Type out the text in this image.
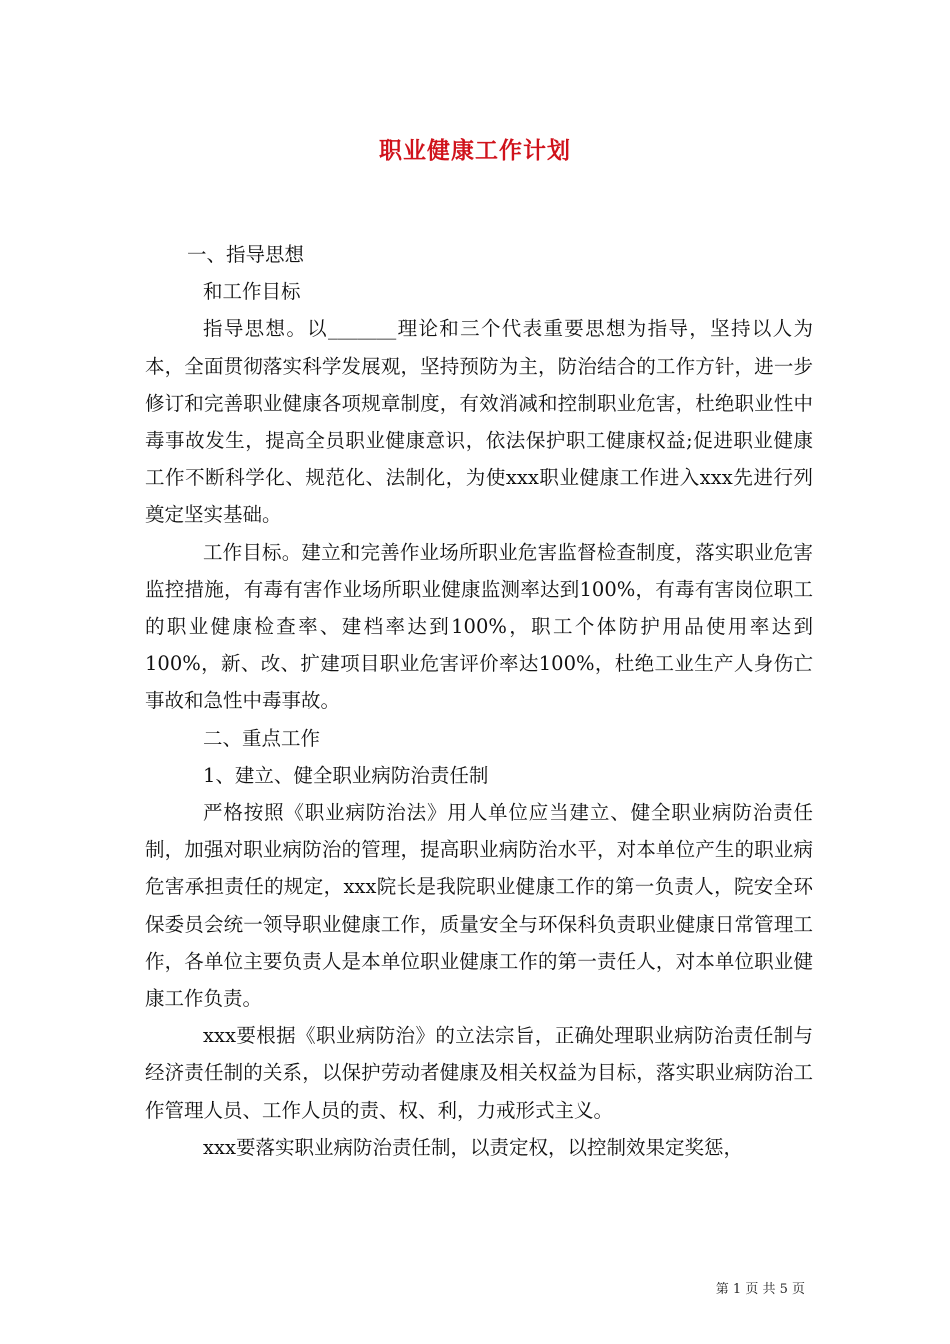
职业健康工作计划

一、指导思想

和工作目标

指导思想。以_______理论和三个代表重要思想为指导，坚持以人为本，全面贯彻落实科学发展观，坚持预防为主，防治结合的工作方针，进一步修订和完善职业健康各项规章制度，有效消减和控制职业危害，杜绝职业性中毒事故发生，提高全员职业健康意识，依法保护职工健康权益;促进职业健康工作不断科学化、规范化、法制化，为使xxx职业健康工作进入xxx先进行列奠定坚实基础。

工作目标。建立和完善作业场所职业危害监督检查制度，落实职业危害监控措施，有毒有害作业场所职业健康监测率达到100%，有毒有害岗位职工的职业健康检查率、建档率达到100%，职工个体防护用品使用率达到100%，新、改、扩建项目职业危害评价率达100%，杜绝工业生产人身伤亡事故和急性中毒事故。

二、重点工作

1、建立、健全职业病防治责任制

严格按照《职业病防治法》用人单位应当建立、健全职业病防治责任制，加强对职业病防治的管理，提高职业病防治水平，对本单位产生的职业病危害承担责任的规定，xxx院长是我院职业健康工作的第一负责人，院安全环保委员会统一领导职业健康工作，质量安全与环保科负责职业健康日常管理工作，各单位主要负责人是本单位职业健康工作的第一责任人，对本单位职业健康工作负责。

xxx要根据《职业病防治》的立法宗旨，正确处理职业病防治责任制与经济责任制的关系，以保护劳动者健康及相关权益为目标，落实职业病防治工作管理人员、工作人员的责、权、利，力戒形式主义。

xxx要落实职业病防治责任制，以责定权，以控制效果定奖惩，

第 1 页 共 5 页
